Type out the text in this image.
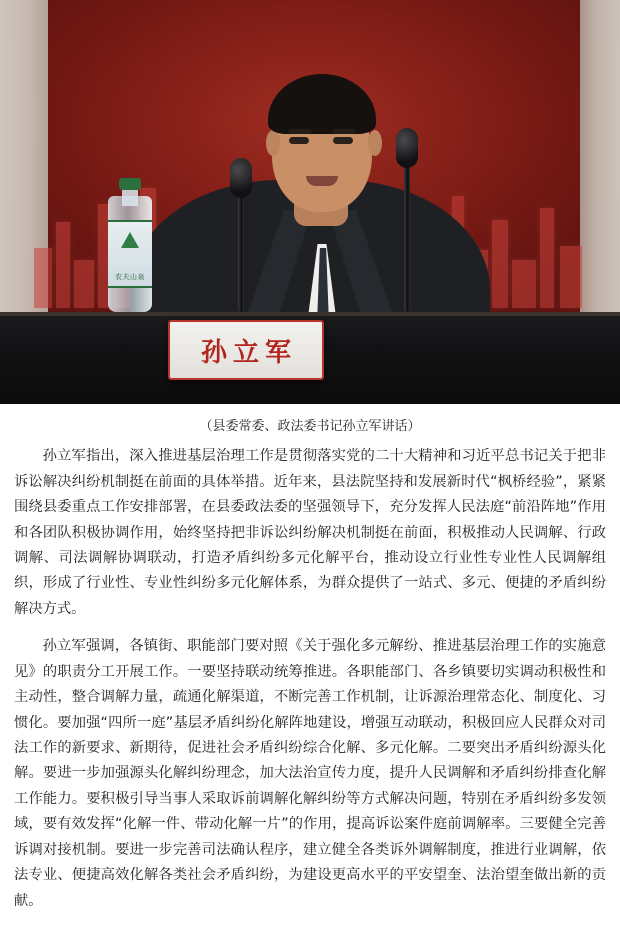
农夫山泉
孙立军
（县委常委、政法委书记孙立军讲话）

孙立军指出，深入推进基层治理工作是贯彻落实党的二十大精神和习近平总书记关于把非诉讼解决纠纷机制挺在前面的具体举措。近年来，县法院坚持和发展新时代“枫桥经验”，紧紧围绕县委重点工作安排部署，在县委政法委的坚强领导下，充分发挥人民法庭“前沿阵地”作用和各团队积极协调作用，始终坚持把非诉讼纠纷解决机制挺在前面，积极推动人民调解、行政调解、司法调解协调联动，打造矛盾纠纷多元化解平台，推动设立行业性专业性人民调解组织，形成了行业性、专业性纠纷多元化解体系，为群众提供了一站式、多元、便捷的矛盾纠纷解决方式。

孙立军强调，各镇街、职能部门要对照《关于强化多元解纷、推进基层治理工作的实施意见》的职责分工开展工作。一要坚持联动统筹推进。各职能部门、各乡镇要切实调动积极性和主动性，整合调解力量，疏通化解渠道，不断完善工作机制，让诉源治理常态化、制度化、习惯化。要加强“四所一庭”基层矛盾纠纷化解阵地建设，增强互动联动，积极回应人民群众对司法工作的新要求、新期待，促进社会矛盾纠纷综合化解、多元化解。二要突出矛盾纠纷源头化解。要进一步加强源头化解纠纷理念，加大法治宣传力度，提升人民调解和矛盾纠纷排查化解工作能力。要积极引导当事人采取诉前调解化解纠纷等方式解决问题，特别在矛盾纠纷多发领域，要有效发挥“化解一件、带动化解一片”的作用，提高诉讼案件庭前调解率。三要健全完善诉调对接机制。要进一步完善司法确认程序，建立健全各类诉外调解制度，推进行业调解，依法专业、便捷高效化解各类社会矛盾纠纷，为建设更高水平的平安望奎、法治望奎做出新的贡献。
